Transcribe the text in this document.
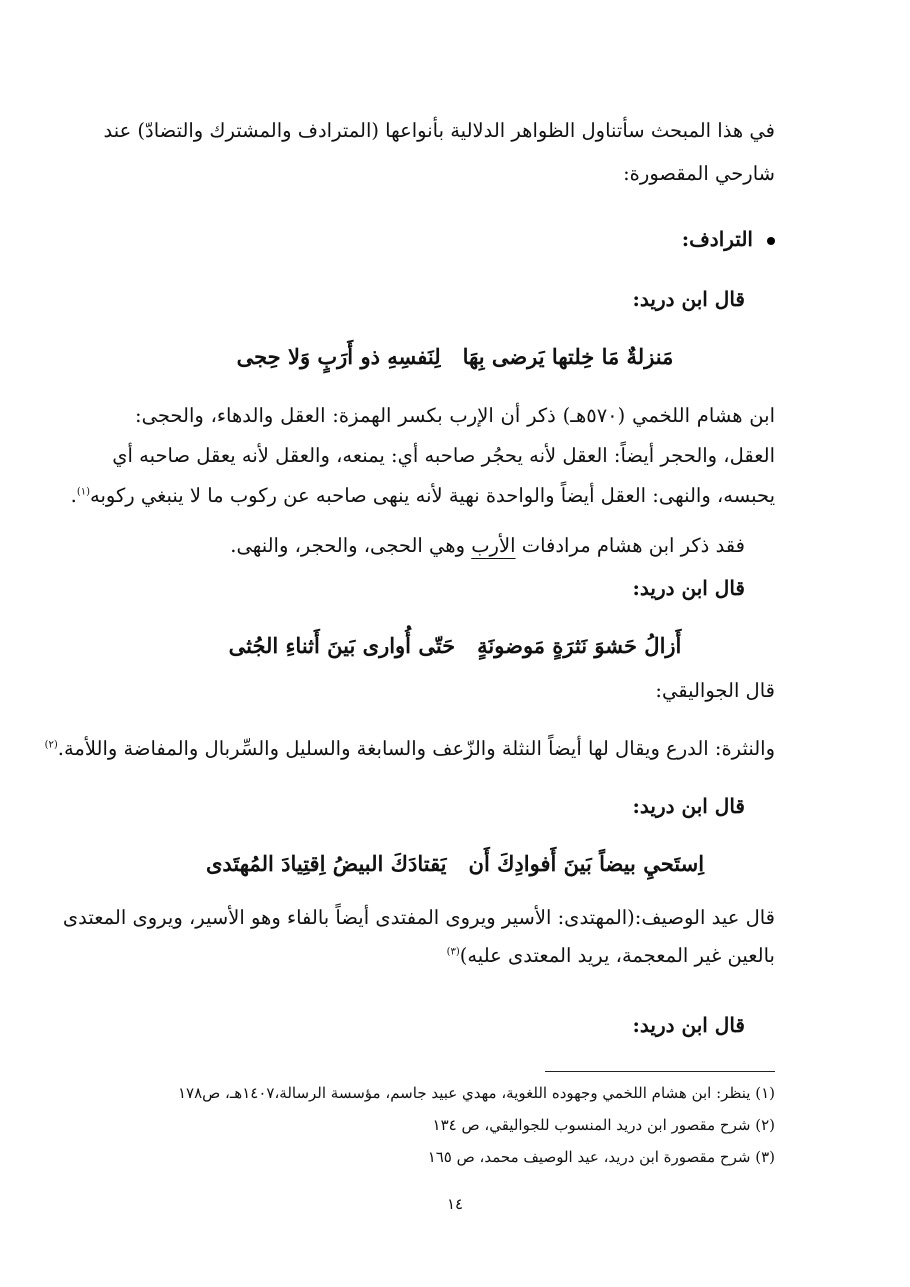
في هذا المبحث سأتناول الظواهر الدلالية بأنواعها (المترادف والمشترك والتضادّ) عند
شارحي المقصورة:
الترادف:
قال ابن دريد:
مَنزلةٌ مَا خِلتها يَرضى بِهَالِنَفسِهِ ذو أَرَبٍ وَلا حِجى
ابن هشام اللخمي (٥٧٠هـ) ذكر أن الإرب بكسر الهمزة: العقل والدهاء، والحجى:
العقل، والحجر أيضاً: العقل لأنه يحجُر صاحبه أي: يمنعه، والعقل لأنه يعقل صاحبه أي
يحبسه، والنهى: العقل أيضاً والواحدة نهية لأنه ينهى صاحبه عن ركوب ما لا ينبغي ركوبه$^{(١)}$.
فقد ذكر ابن هشام مرادفات الأرب وهي الحجى، والحجر، والنهى.
قال ابن دريد:
أَزالُ حَشوَ نَثرَةٍ مَوضونَةٍحَتّى أُوارى بَينَ أَثناءِ الجُثى
قال الجواليقي:
والنثرة: الدرع ويقال لها أيضاً النثلة والزّعف والسابغة والسليل والسِّربال والمفاضة واللأمة.$^{(٢)}$
قال ابن دريد:
اِستَحيِ بيضاً بَينَ أَفوادِكَ أَنيَقتادَكَ البيضُ اِقتِيادَ المُهتَدى
قال عيد الوصيف:(المهتدى: الأسير ويروى المفتدى أيضاً بالفاء وهو الأسير، ويروى المعتدى
بالعين غير المعجمة، يريد المعتدى عليه)$^{(٣)}$
قال ابن دريد:
(١) ينظر: ابن هشام اللخمي وجهوده اللغوية، مهدي عبيد جاسم، مؤسسة الرسالة،١٤٠٧هـ، ص١٧٨
(٢) شرح مقصور ابن دريد المنسوب للجواليقي، ص ١٣٤
(٣) شرح مقصورة ابن دريد، عيد الوصيف محمد، ص ١٦٥
١٤
